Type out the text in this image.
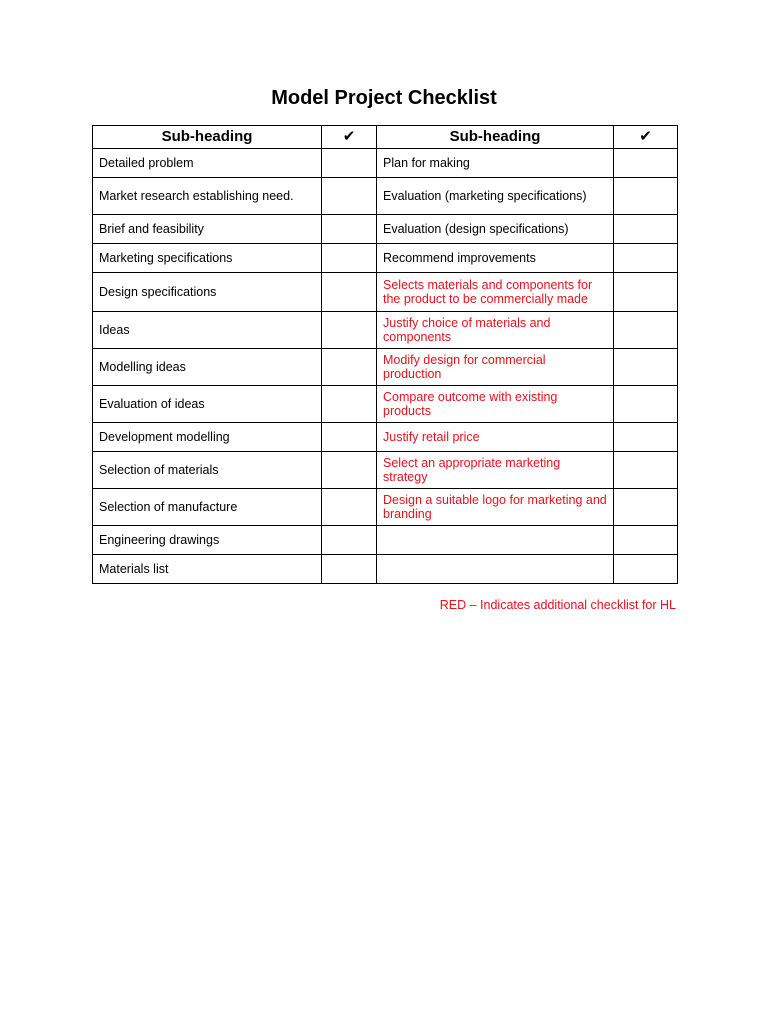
Model Project Checklist
Sub-heading	✔	Sub-heading	✔
Detailed problem		Plan for making	
Market research establishing need.		Evaluation (marketing specifications)	
Brief and feasibility		Evaluation (design specifications)	
Marketing specifications		Recommend improvements	
Design specifications		Selects materials and components for the product to be commercially made	
Ideas		Justify choice of materials and components	
Modelling ideas		Modify design for commercial production	
Evaluation of ideas		Compare outcome with existing products	
Development modelling		Justify retail price	
Selection of materials		Select an appropriate marketing strategy	
Selection of manufacture		Design a suitable logo for marketing and branding	
Engineering drawings			
Materials list			
RED – Indicates additional checklist for HL
